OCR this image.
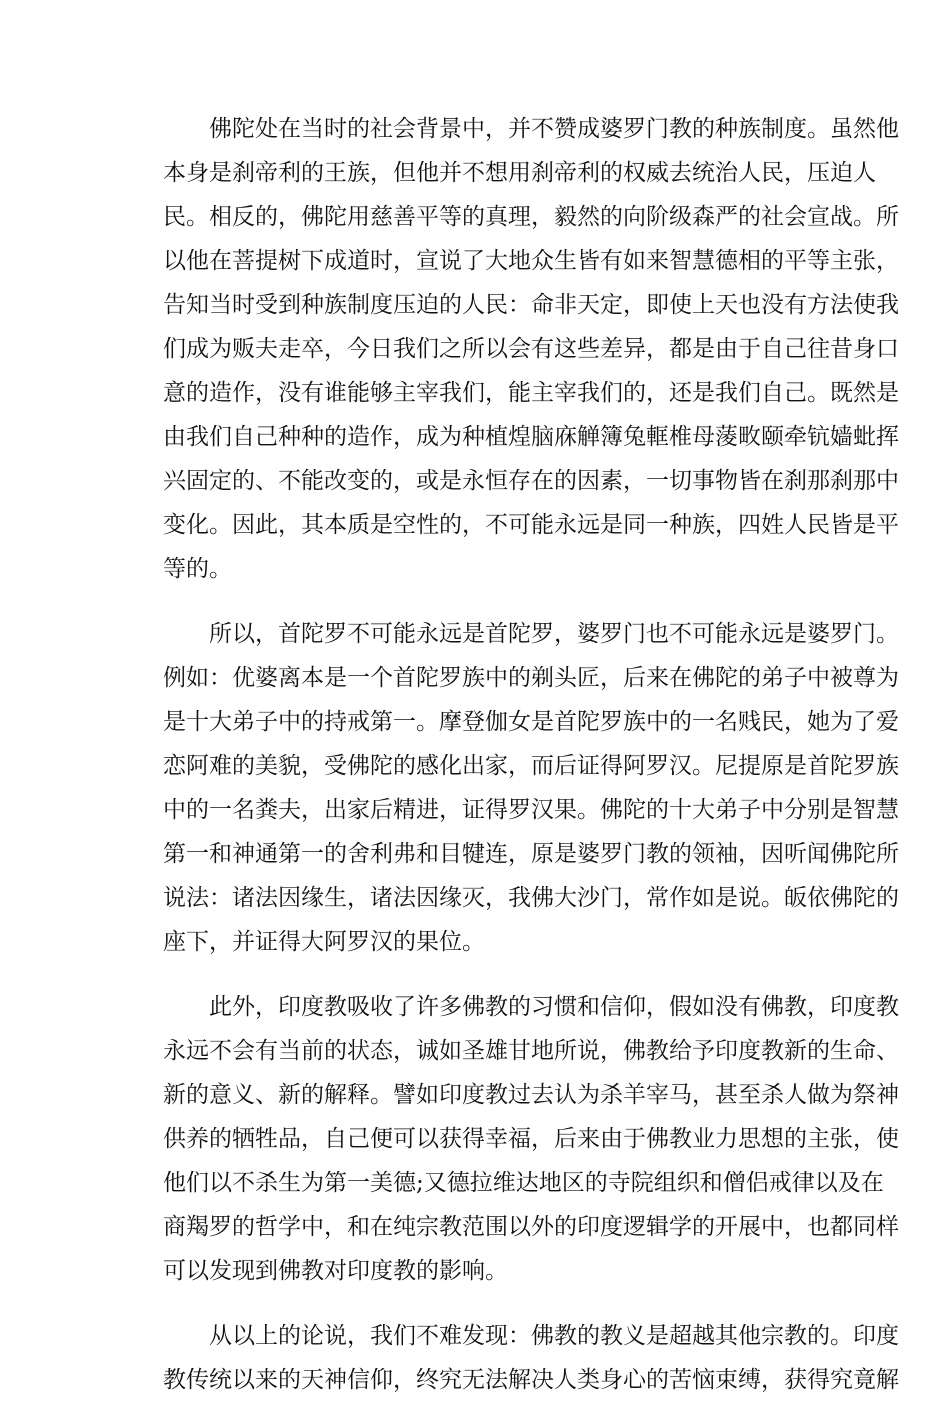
佛陀处在当时的社会背景中，并不赞成婆罗门教的种族制度。虽然他
本身是刹帝利的王族，但他并不想用刹帝利的权威去统治人民，压迫人
民。相反的，佛陀用慈善平等的真理，毅然的向阶级森严的社会宣战。所
以他在菩提树下成道时，宣说了大地众生皆有如来智慧德相的平等主张，
告知当时受到种族制度压迫的人民：命非天定，即使上天也没有方法使我
们成为贩夫走卒，今日我们之所以会有这些差异，都是由于自己往昔身口
意的造作，没有谁能够主宰我们，能主宰我们的，还是我们自己。既然是
由我们自己种种的造作，成为种植煌脑庥觯簿兔軭椎母蔆畋颐牵钪嫱蚍挥
兴固定的、不能改变的，或是永恒存在的因素，一切事物皆在刹那刹那中
变化。因此，其本质是空性的，不可能永远是同一种族，四姓人民皆是平
等的。
所以，首陀罗不可能永远是首陀罗，婆罗门也不可能永远是婆罗门。
例如：优婆离本是一个首陀罗族中的剃头匠，后来在佛陀的弟子中被尊为
是十大弟子中的持戒第一。摩登伽女是首陀罗族中的一名贱民，她为了爱
恋阿难的美貌，受佛陀的感化出家，而后证得阿罗汉。尼提原是首陀罗族
中的一名粪夫，出家后精进，证得罗汉果。佛陀的十大弟子中分别是智慧
第一和神通第一的舍利弗和目犍连，原是婆罗门教的领袖，因听闻佛陀所
说法：诸法因缘生，诸法因缘灭，我佛大沙门，常作如是说。皈依佛陀的
座下，并证得大阿罗汉的果位。
此外，印度教吸收了许多佛教的习惯和信仰，假如没有佛教，印度教
永远不会有当前的状态，诚如圣雄甘地所说，佛教给予印度教新的生命、
新的意义、新的解释。譬如印度教过去认为杀羊宰马，甚至杀人做为祭神
供养的牺牲品，自己便可以获得幸福，后来由于佛教业力思想的主张，使
他们以不杀生为第一美德;又德拉维达地区的寺院组织和僧侣戒律以及在
商羯罗的哲学中，和在纯宗教范围以外的印度逻辑学的开展中，也都同样
可以发现到佛教对印度教的影响。
从以上的论说，我们不难发现：佛教的教义是超越其他宗教的。印度
教传统以来的天神信仰，终究无法解决人类身心的苦恼束缚，获得究竟解
